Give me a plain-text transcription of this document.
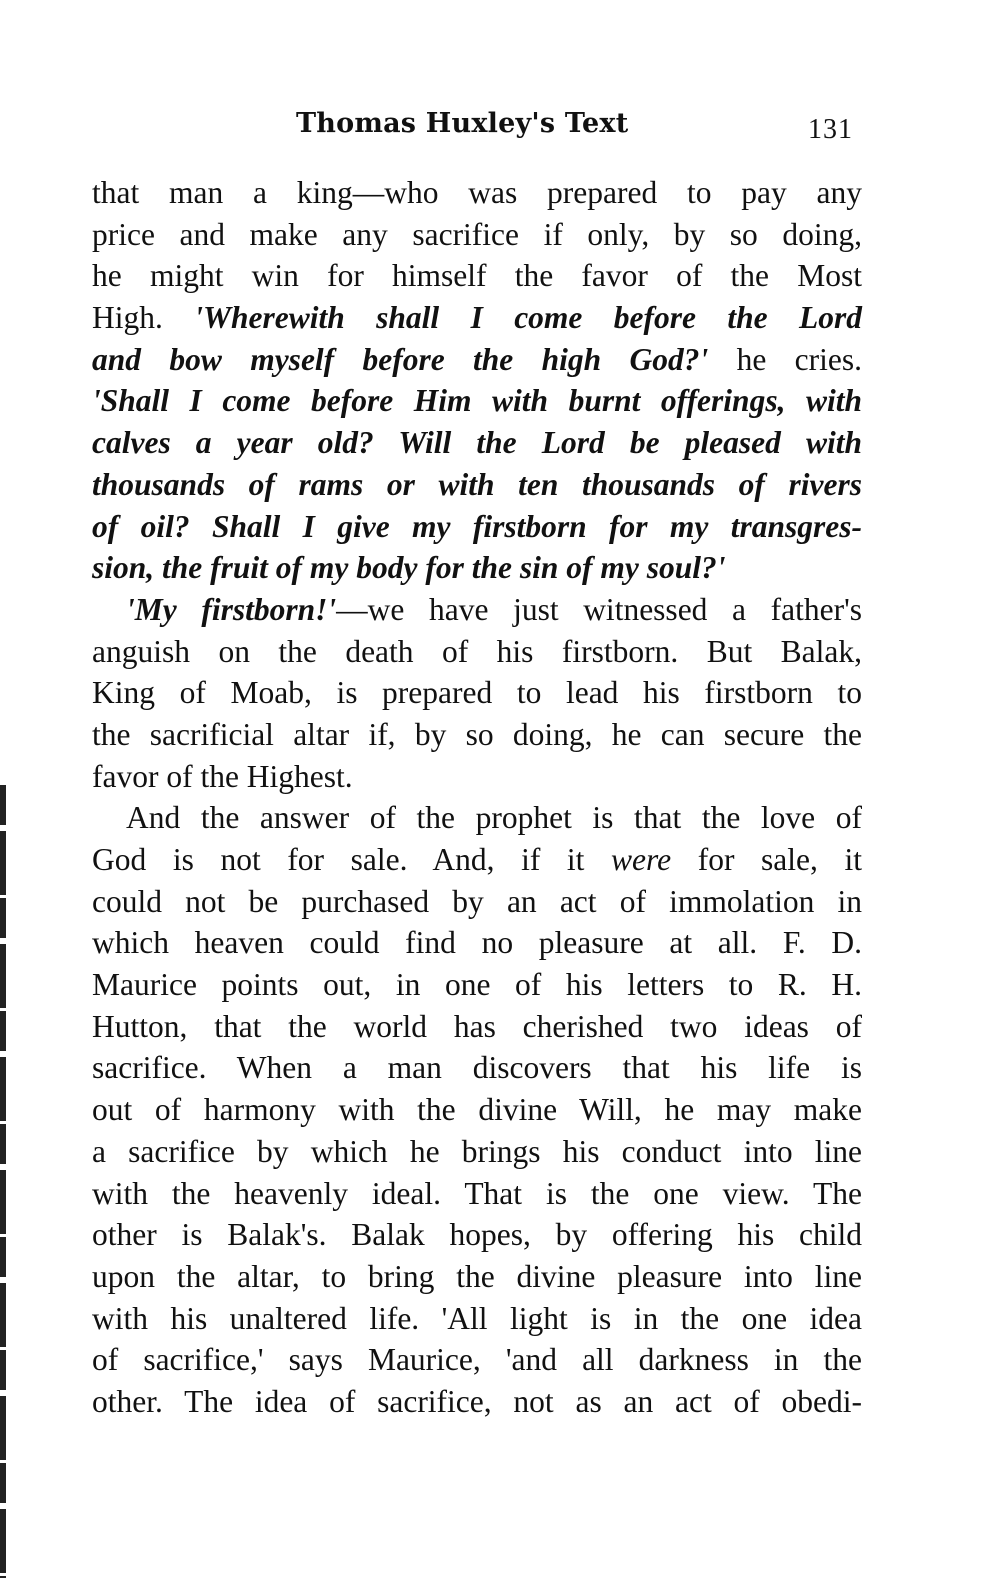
Thomas Huxley's Text	131
that man a king—who was prepared to pay any
price and make any sacrifice if only, by so doing,
he might win for himself the favor of the Most
High. 'Wherewith shall I come before the Lord
and bow myself before the high God?' he cries.
'Shall I come before Him with burnt offerings, with
calves a year old? Will the Lord be pleased with
thousands of rams or with ten thousands of rivers
of oil? Shall I give my firstborn for my transgres-
sion, the fruit of my body for the sin of my soul?'
'My firstborn!'—we have just witnessed a father's
anguish on the death of his firstborn. But Balak,
King of Moab, is prepared to lead his firstborn to
the sacrificial altar if, by so doing, he can secure the
favor of the Highest.
And the answer of the prophet is that the love of
God is not for sale. And, if it were for sale, it
could not be purchased by an act of immolation in
which heaven could find no pleasure at all. F. D.
Maurice points out, in one of his letters to R. H.
Hutton, that the world has cherished two ideas of
sacrifice. When a man discovers that his life is
out of harmony with the divine Will, he may make
a sacrifice by which he brings his conduct into line
with the heavenly ideal. That is the one view. The
other is Balak's. Balak hopes, by offering his child
upon the altar, to bring the divine pleasure into line
with his unaltered life. 'All light is in the one idea
of sacrifice,' says Maurice, 'and all darkness in the
other. The idea of sacrifice, not as an act of obedi-
